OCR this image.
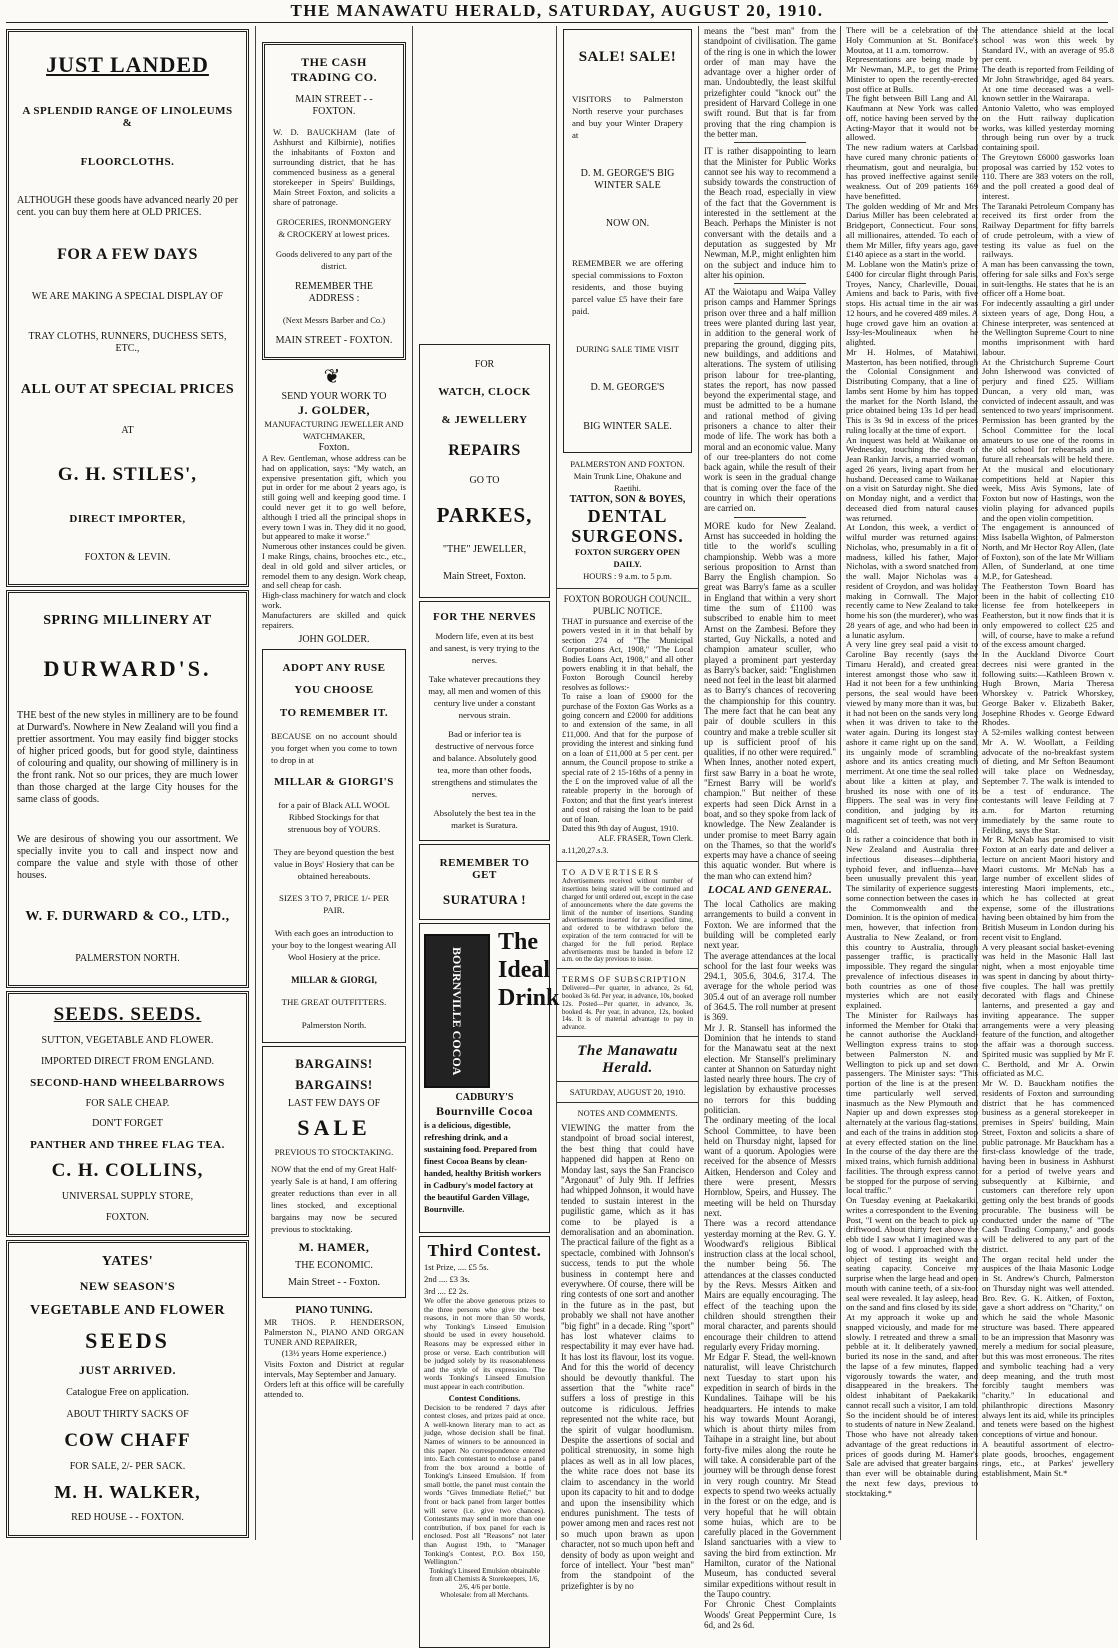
THE MANAWATU HERALD, SATURDAY, AUGUST 20, 1910.
JUST LANDED
A SPLENDID RANGE OF LINOLEUMS &
FLOORCLOTHS.
ALTHOUGH these goods have advanced nearly 20 per cent. you can buy them here at OLD PRICES.
FOR A FEW DAYS
WE ARE MAKING A SPECIAL DISPLAY OF
TRAY CLOTHS, RUNNERS, DUCHESS SETS, ETC.,
ALL OUT AT SPECIAL PRICES
AT
G. H. STILES',
DIRECT IMPORTER,
FOXTON & LEVIN.
SPRING MILLINERY AT
DURWARD'S.
THE best of the new styles in millinery are to be found at Durward's. Nowhere in New Zealand will you find a prettier assortment. You may easily find bigger stocks of higher priced goods, but for good style, daintiness of colouring and quality, our showing of millinery is in the front rank. Not so our prices, they are much lower than those charged at the large City houses for the same class of goods.
We are desirous of showing you our assortment. We specially invite you to call and inspect now and compare the value and style with those of other houses.
W. F. DURWARD & CO., LTD.,
PALMERSTON NORTH.
SEEDS. SEEDS.
SUTTON, VEGETABLE AND FLOWER.
IMPORTED DIRECT FROM ENGLAND.
SECOND-HAND WHEELBARROWS
FOR SALE CHEAP.
DON'T FORGET
PANTHER AND THREE FLAG TEA.
C. H. COLLINS,
UNIVERSAL SUPPLY STORE,
FOXTON.
YATES'
NEW SEASON'S
VEGETABLE AND FLOWER
SEEDS
JUST ARRIVED.
Catalogue Free on application.
ABOUT THIRTY SACKS OF
COW CHAFF
FOR SALE, 2/- PER SACK.
M. H. WALKER,
RED HOUSE - - FOXTON.
THE CASH TRADING CO.
MAIN STREET - - FOXTON.
W. D. BAUCKHAM (late of Ashhurst and Kilbirnie), notifies the inhabitants of Foxton and surrounding district, that he has commenced business as a general storekeeper in Speirs' Buildings, Main Street Foxton, and solicits a share of patronage.
GROCERIES, IRONMONGERY & CROCKERY at lowest prices.
Goods delivered to any part of the district.
REMEMBER THE ADDRESS :
(Next Messrs Barber and Co.)
MAIN STREET - FOXTON.
❦
SEND YOUR WORK TO
J. GOLDER,
MANUFACTURING JEWELLER AND WATCHMAKER,
Foxton.
A Rev. Gentleman, whose address can be had on application, says: "My watch, an expensive presentation gift, which you put in order for me about 2 years ago, is still going well and keeping good time. I could never get it to go well before, although I tried all the principal shops in every town I was in. They did it no good, but appeared to make it worse."
Numerous other instances could be given. I make Rings, chains, brooches etc., etc., deal in old gold and silver articles, or remodel them to any design. Work cheap, and sell cheap for cash.
High-class machinery for watch and clock work.
Manufacturers are skilled and quick repairers.
JOHN GOLDER.
ADOPT ANY RUSE
YOU CHOOSE
TO REMEMBER IT.
BECAUSE on no account should you forget when you come to town to drop in at
MILLAR & GIORGI'S
for a pair of Black ALL WOOL Ribbed Stockings for that strenuous boy of YOURS.
They are beyond question the best value in Boys' Hosiery that can be obtained hereabouts.
SIZES 3 TO 7, PRICE 1/- PER PAIR.
With each goes an introduction to your boy to the longest wearing All Wool Hosiery at the price.
MILLAR & GIORGI,
THE GREAT OUTFITTERS.
Palmerston North.
BARGAINS!
BARGAINS!
LAST FEW DAYS OF
SALE
PREVIOUS TO STOCKTAKING.
NOW that the end of my Great Half-yearly Sale is at hand, I am offering greater reductions than ever in all lines stocked, and exceptional bargains may now be secured previous to stocktaking.
M. HAMER,
THE ECONOMIC.
Main Street - - Foxton.
PIANO TUNING.
MR THOS. P. HENDERSON, Palmerston N., PIANO AND ORGAN TUNER AND REPAIRER,
(13½ years Home experience.)
Visits Foxton and District at regular intervals, May September and January.
Orders left at this office will be carefully attended to.
FOR
WATCH, CLOCK
& JEWELLERY
REPAIRS
GO TO
PARKES,
"THE" JEWELLER,
Main Street, Foxton.
FOR THE NERVES
Modern life, even at its best and sanest, is very trying to the nerves.
Take whatever precautions they may, all men and women of this century live under a constant nervous strain.
Bad or inferior tea is destructive of nervous force and balance. Absolutely good tea, more than other foods, strengthens and stimulates the nerves.
Absolutely the best tea in the market is Suratura.
REMEMBER TO GET
SURATURA !
BOURNVILLE COCOA
The Ideal Drink
CADBURY'S
Bournville Cocoa
is a delicious, digestible, refreshing drink, and a sustaining food. Prepared from finest Cocoa Beans by clean-handed, healthy British workers in Cadbury's model factory at the beautiful Garden Village, Bournville.
Third Contest.
1st Prize, .... £5 5s.
2nd .... £3 3s.
3rd .... £2 2s.
We offer the above generous prizes to the three persons who give the best reasons, in not more than 50 words, why Tonking's Linseed Emulsion should be used in every household. Reasons may be expressed either in prose or verse. Each contribution will be judged solely by its reasonableness and the style of its expression. The words Tonking's Linseed Emulsion must appear in each contribution.
Contest Conditions.
Decision to be rendered 7 days after contest closes, and prizes paid at once. A well-known literary man to act as judge, whose decision shall be final. Names of winners to be announced in this paper. No correspondence entered into. Each contestant to enclose a panel from the box around a bottle of Tonking's Linseed Emulsion. If from small bottle, the panel must contain the words "Gives Immediate Relief," but front or back panel from larger bottles will serve (i.e. give two chances). Contestants may send in more than one contribution, if box panel for each is enclosed. Post all "Reasons" not later than August 19th, to "Manager Tonking's Contest, P.O. Box 150, Wellington."
Tonking's Linseed Emulsion obtainable from all Chemists & Storekeepers, 1/6, 2/6, 4/6 per bottle.
Wholesale: from all Merchants.
SALE! SALE!
VISITORS to Palmerston North reserve your purchases and buy your Winter Drapery at
D. M. GEORGE'S BIG WINTER SALE
NOW ON.
REMEMBER we are offering special commissions to Foxton residents, and those buying parcel value £5 have their fare paid.
DURING SALE TIME VISIT
D. M. GEORGE'S
BIG WINTER SALE.
PALMERSTON AND FOXTON.
Main Trunk Line, Ohakune and Raetihi.
TATTON, SON & BOYES,
DENTAL SURGEONS.
FOXTON SURGERY OPEN DAILY.
HOURS : 9 a.m. to 5 p.m.
FOXTON BOROUGH COUNCIL.
PUBLIC NOTICE.
THAT in pursuance and exercise of the powers vested in it in that behalf by section 274 of "The Municipal Corporations Act, 1908," "The Local Bodies Loans Act, 1908," and all other powers enabling it in that behalf, the Foxton Borough Council hereby resolves as follows:-
To raise a loan of £9000 for the purchase of the Foxton Gas Works as a going concern and £2000 for additions to and extension of the same, in all £11,000. And that for the purpose of providing the interest and sinking fund on a loan of £11,000 at 5 per cent. per annum, the Council propose to strike a special rate of 2 15-16ths of a penny in the £ on the improved value of all the rateable property in the borough of Foxton; and that the first year's interest and cost of raising the loan to be paid out of loan.
Dated this 9th day of August, 1910.
ALF. FRASER, Town Clerk.
a.11,20,27.s.3.
TO ADVERTISERS
Advertisements received without number of insertions being stated will be continued and charged for until ordered out, except in the case of announcements where the date governs the limit of the number of insertions. Standing advertisements inserted for a specified time, and ordered to be withdrawn before the expiration of the term contracted for will be charged for the full period. Replace advertisements must be handed in before 12 a.m. on the day previous to issue.
TERMS OF SUBSCRIPTION
Delivered—Per quarter, in advance, 2s 6d, booked 3s 6d. Per year, in advance, 10s, booked 12s. Posted—Per quarter, in advance, 3s, booked 4s. Per year, in advance, 12s, booked 14s. It is of material advantage to pay in advance.
The Manawatu Herald.
SATURDAY, AUGUST 20, 1910.
NOTES AND COMMENTS.
VIEWING the matter from the standpoint of broad social interest, the best thing that could have happened did happen at Reno on Monday last, says the San Francisco "Argonaut" of July 9th. If Jeffries had whipped Johnson, it would have tended to sustain interest in the pugilistic game, which as it has come to be played is a demoralisation and an abomination. The practical failure of the fight as a spectacle, combined with Johnson's success, tends to put the whole business in contempt here and everywhere. Of course, there will be ring contests of one sort and another in the future as in the past, but probably we shall not have another "big fight" in a decade. Ring "sport" has lost whatever claims to respectability it may ever have had. It has lost its flavour, lost its vogue. And for this the world of decency should be devoutly thankful. The assertion that the "white race" suffers a loss of prestige in this outcome is ridiculous. Jeffries represented not the white race, but the spirit of vulgar hoodlumism. Despite the assertions of social and political strenuosity, in some high places as well as in all low places, the white race does not base its claim to ascendancy in the world upon its capacity to hit and to dodge and upon the insensibility which endures punishment. The tests of power among men and races rest not so much upon brawn as upon character, not so much upon heft and density of body as upon weight and force of intellect. Your "best man" from the standpoint of the prizefighter is by no
means the "best man" from the standpoint of civilisation. The game of the ring is one in which the lower order of man may have the advantage over a higher order of man. Undoubtedly, the least skilful prizefighter could "knock out" the president of Harvard College in one swift round. But that is far from proving that the ring champion is the better man.
IT is rather disappointing to learn that the Minister for Public Works cannot see his way to recommend a subsidy towards the construction of the Beach road, especially in view of the fact that the Government is interested in the settlement at the Beach. Perhaps the Minister is not conversant with the details and a deputation as suggested by Mr Newman, M.P., might enlighten him on the subject and induce him to alter his opinion.
AT the Waiotapu and Waipa Valley prison camps and Hammer Springs prison over three and a half million trees were planted during last year, in addition to the general work of preparing the ground, digging pits, new buildings, and additions and alterations. The system of utilising prison labour for tree-planting, states the report, has now passed beyond the experimental stage, and must be admitted to be a humane and rational method of giving prisoners a chance to alter their mode of life. The work has both a moral and an economic value. Many of our tree-planters do not come back again, while the result of their work is seen in the gradual change that is coming over the face of the country in which their operations are carried on.
MORE kudo for New Zealand. Arnst has succeeded in holding the title to the world's sculling championship. Webb was a more serious proposition to Arnst than Barry the English champion. So great was Barry's fame as a sculler in England that within a very short time the sum of £1100 was subscribed to enable him to meet Arnst on the Zambesi. Before they started, Guy Nickalls, a noted and champion amateur sculler, who played a prominent part yesterday as Barry's backer, said: "Englishmen need not feel in the least bit alarmed as to Barry's chances of recovering the championship for this country. The mere fact that he can beat any pair of double scullers in this country and make a treble sculler sit up is sufficient proof of his qualities, if no other were required." When Innes, another noted expert, first saw Barry in a boat he wrote, "Ernest Barry will be world's champion." But neither of these experts had seen Dick Arnst in a boat, and so they spoke from lack of knowledge. The New Zealander is under promise to meet Barry again on the Thames, so that the world's experts may have a chance of seeing this aquatic wonder. But where is the man who can extend him?
LOCAL AND GENERAL.
The local Catholics are making arrangements to build a convent in Foxton. We are informed that the building will be completed early next year.
The average attendances at the local school for the last four weeks was 294.1, 305.6, 304.6, 317.4. The average for the whole period was 305.4 out of an average roll number of 364.5. The roll number at present is 369.
Mr J. R. Stansell has informed the Dominion that he intends to stand for the Manawatu seat at the next election. Mr Stansell's preliminary canter at Shannon on Saturday night lasted nearly three hours. The cry of legislation by exhaustive processes no terrors for this budding politician.
The ordinary meeting of the local School Committee, to have been held on Thursday night, lapsed for want of a quorum. Apologies were received for the absence of Messrs Aitken, Henderson and Coley and there were present, Messrs Hornblow, Speirs, and Hussey. The meeting will be held on Thursday next.
There was a record attendance yesterday morning at the Rev. G. Y. Woodward's religious Biblical instruction class at the local school, the number being 56. The attendances at the classes conducted by the Revs. Messrs Aitken and Mairs are equally encouraging. The effect of the teaching upon the children should strengthen their moral character, and parents should encourage their children to attend regularly every Friday morning.
Mr Edgar F. Stead, the well-known naturalist, will leave Christchurch next Tuesday to start upon his expedition in search of birds in the Kundalines. Taihape will be his headquarters. He intends to make his way towards Mount Aorangi, which is about thirty miles from Taihape in a straight line, but about forty-five miles along the route he will take. A considerable part of the journey will be through dense forest in very rough country. Mr Stead expects to spend two weeks actually in the forest or on the edge, and is very hopeful that he will obtain some huias, which are to be carefully placed in the Government Island sanctuaries with a view to saving the bird from extinction. Mr Hamilton, curator of the National Museum, has conducted several similar expeditions without result in the Taupo country.
For Chronic Chest Complaints Woods' Great Peppermint Cure, 1s 6d, and 2s 6d.
There will be a celebration of the Holy Communion at St. Boniface's Moutoa, at 11 a.m. tomorrow.
Representations are being made by Mr Newman, M.P., to get the Prime Minister to open the recently-erected post office at Bulls.
The fight between Bill Lang and Al. Kaufmann at New York was called off, notice having been served by the Acting-Mayor that it would not be allowed.
The new radium waters at Carlsbad have cured many chronic patients of rheumatism, gout and neuralgia, but has proved ineffective against senile weakness. Out of 209 patients 169 have benefitted.
The golden wedding of Mr and Mrs Darius Miller has been celebrated at Bridgeport, Connecticut. Four sons, all millionaires, attended. To each of them Mr Miller, fifty years ago, gave £140 apiece as a start in the world.
M. Loblane won the Matin's prize of £400 for circular flight through Paris, Troyes, Nancy, Charleville, Douai, Amiens and back to Paris, with five stops. His actual time in the air was 12 hours, and he covered 489 miles. A huge crowd gave him an ovation at Issy-les-Moulineaux when he alighted.
Mr H. Holmes, of Matahiwi, Masterton, has been notified, through the Colonial Consignment and Distributing Company, that a line of lambs sent Home by him has topped the market for the North Island, the price obtained being 13s 1d per head. This is 3s 9d in excess of the prices ruling locally at the time of export.
An inquest was held at Waikanae on Wednesday, touching the death of Jean Rankin Jarvis, a married woman, aged 26 years, living apart from her husband. Deceased came to Waikanae on a visit on Saturday night. She died on Monday night, and a verdict that deceased died from natural causes was returned.
At London, this week, a verdict of wilful murder was returned against Nicholas, who, presumably in a fit of madness, killed his father, Major Nicholas, with a sword snatched from the wall. Major Nicholas was a resident of Croydon, and was holiday making in Cornwall. The Major recently came to New Zealand to take home his son (the murderer), who was 28 years of age, and who had been in a lunatic asylum.
A very line grey seal paid a visit to Caroline Bay recently (says the Timaru Herald), and created great interest amongst those who saw it. Had it not been for a few unthinking persons, the seal would have been viewed by many more than it was, but it had not been on the sands very long when it was driven to take to the water again. During its longest stay ashore it came right up on the sand, its ungainly mode of scrambling ashore and its antics creating much merriment. At one time the seal rolled about like a kitten at play, and brushed its nose with one of its flippers. The seal was in very fine condition, and judging by its magnificent set of teeth, was not very old.
It is rather a coincidence that both in New Zealand and Australia three infectious diseases—diphtheria, typhoid fever, and influenza—have been unusually prevalent this year. The similarity of experience suggests some connection between the cases in the Commonwealth and the Dominion. It is the opinion of medical men, however, that infection from Australia to New Zealand, or from this country to Australia, through passenger traffic, is practically impossible. They regard the singular prevalence of infectious diseases in both countries as one of those mysteries which are not easily explained.
The Minister for Railways has informed the Member for Otaki that he cannot authorise the Auckland-Wellington express trains to stop between Palmerston N. and Wellington to pick up and set down passengers. The Minister says: "This portion of the line is at the present time particularly well served, inasmuch as the New Plymouth and Napier up and down expresses stop alternately at the various flag-stations, and each of the trains in addition stop at every effected station on the line. In the course of the day there are the mixed trains, which furnish additional facilities. The through express cannot be stopped for the purpose of serving local traffic."
On Tuesday evening at Paekakariki, writes a correspondent to the Evening Post, "I went on the beach to pick up driftwood. About thirty feet above the ebb tide I saw what I imagined was a log of wood. I approached with the object of testing its weight and seating capacity. Conceive my surprise when the large head and open mouth with canine teeth, of a six-foot seal were revealed. It lay asleep, head on the sand and fins closed by its side. At my approach it woke up and snapped viciously, and made for me slowly. I retreated and threw a small pebble at it. It deliberately yawned, buried its nose in the sand, and after the lapse of a few minutes, flapped vigorously towards the water, and disappeared in the breakers. The oldest inhabitant of Paekakariki cannot recall such a visitor, I am told. So the incident should be of interest to students of nature in New Zealand.
Those who have not already taken advantage of the great reductions in prices of goods during M. Hamer's Sale are advised that greater bargains than ever will be obtainable during the next few days, previous to stocktaking.*
The attendance shield at the local school was won this week by Standard IV., with an average of 95.8 per cent.
The death is reported from Feilding of Mr John Strawbridge, aged 84 years. At one time deceased was a well-known settler in the Wairarapa.
Antonio Valetto, who was employed on the Hutt railway duplication works, was killed yesterday morning through being run over by a truck containing spoil.
The Greytown £6000 gasworks loan proposal was carried by 152 votes to 110. There are 383 voters on the roll, and the poll created a good deal of interest.
The Taranaki Petroleum Company has received its first order from the Railway Department for fifty barrels of crude petroleum, with a view of testing its value as fuel on the railways.
A man has been canvassing the town, offering for sale silks and Fox's serge in suit-lengths. He states that he is an officer off a Home boat.
For indecently assaulting a girl under sixteen years of age, Dong Hou, a Chinese interpreter, was sentenced at the Wellington Supreme Court to nine months imprisonment with hard labour.
At the Christchurch Supreme Court John Isherwood was convicted of perjury and fined £25. William Duncan, a very old man, was convicted of indecent assault, and was sentenced to two years' imprisonment.
Permission has been granted by the School Committee for the local amateurs to use one of the rooms in the old school for rehearsals and in future all rehearsals will be held there.
At the musical and elocutionary competitions held at Napier this week, Miss Avis Symons, late of Foxton but now of Hastings, won the violin playing for advanced pupils and the open violin competition.
The engagement is announced of Miss Isabella Wighton, of Palmerston North, and Mr Hector Roy Allen, (late of Foxton), son of the late Mr William Allen, of Sunderland, at one time M.P., for Gateshead.
The Featherston Town Board has been in the habit of collecting £10 license fee from hotelkeepers in Featherston, but it now finds that it is only empowered to collect £25 and will, of course, have to make a refund of the excess amount charged.
In the Auckland Divorce Court decrees nisi were granted in the following suits:—Kathleen Brown v. Hugh Brown, Maria Theresa Whorskey v. Patrick Whorskey, George Baker v. Elizabeth Baker, Josephine Rhodes v. George Edward Rhodes.
A 52-miles walking contest between Mr A. W. Woollatt, a Feilding advocate of the no-breakfast system of dieting, and Mr Sefton Beaumont will take place on Wednesday, September 7. The walk is intended to be a test of endurance. The contestants will leave Feilding at 7 a.m. for Marton returning immediately by the same route to Feilding, says the Star.
Mr R. McNab has promised to visit Foxton at an early date and deliver a lecture on ancient Maori history and Maori customs. Mr McNab has a large number of excellent slides of interesting Maori implements, etc., which he has collected at great expense, some of the illustrations having been obtained by him from the British Museum in London during his recent visit to England.
A very pleasant social basket-evening was held in the Masonic Hall last night, when a most enjoyable time was spent in dancing by about thirty-five couples. The hall was prettily decorated with flags and Chinese lanterns, and presented a gay and inviting appearance. The supper arrangements were a very pleasing feature of the function, and altogether the affair was a thorough success. Spirited music was supplied by Mr F. C. Berthold, and Mr A. Orwin officiated as M.C.
Mr W. D. Bauckham notifies the residents of Foxton and surrounding district that he has commenced business as a general storekeeper in premises in Speirs' building, Main Street, Foxton and solicits a share of public patronage. Mr Bauckham has a first-class knowledge of the trade, having been in business in Ashhurst for a period of twelve years and subsequently at Kilbirnie, and customers can therefore rely upon getting only the best brands of goods procurable. The business will be conducted under the name of "The Cash Trading Company," and goods will be delivered to any part of the district.
The organ recital held under the auspices of the Ihaia Masonic Lodge in St. Andrew's Church, Palmerston on Thursday night was well attended. Bro. Rev. G. K. Aitken, of Foxton, gave a short address on "Charity," on which he said the whole Masonic structure was based. There appeared to be an impression that Masonry was merely a medium for social pleasure, but this was most erroneous. The rites and symbolic teaching had a very deep meaning, and the truth most forcibly taught members was "charity." In educational and philanthropic directions Masonry always lent its aid, while its principles and tenets were based on the highest conceptions of virtue and honour.
A beautiful assortment of electro-plate goods, brooches, engagement rings, etc., at Parkes' jewellery establishment, Main St.*
